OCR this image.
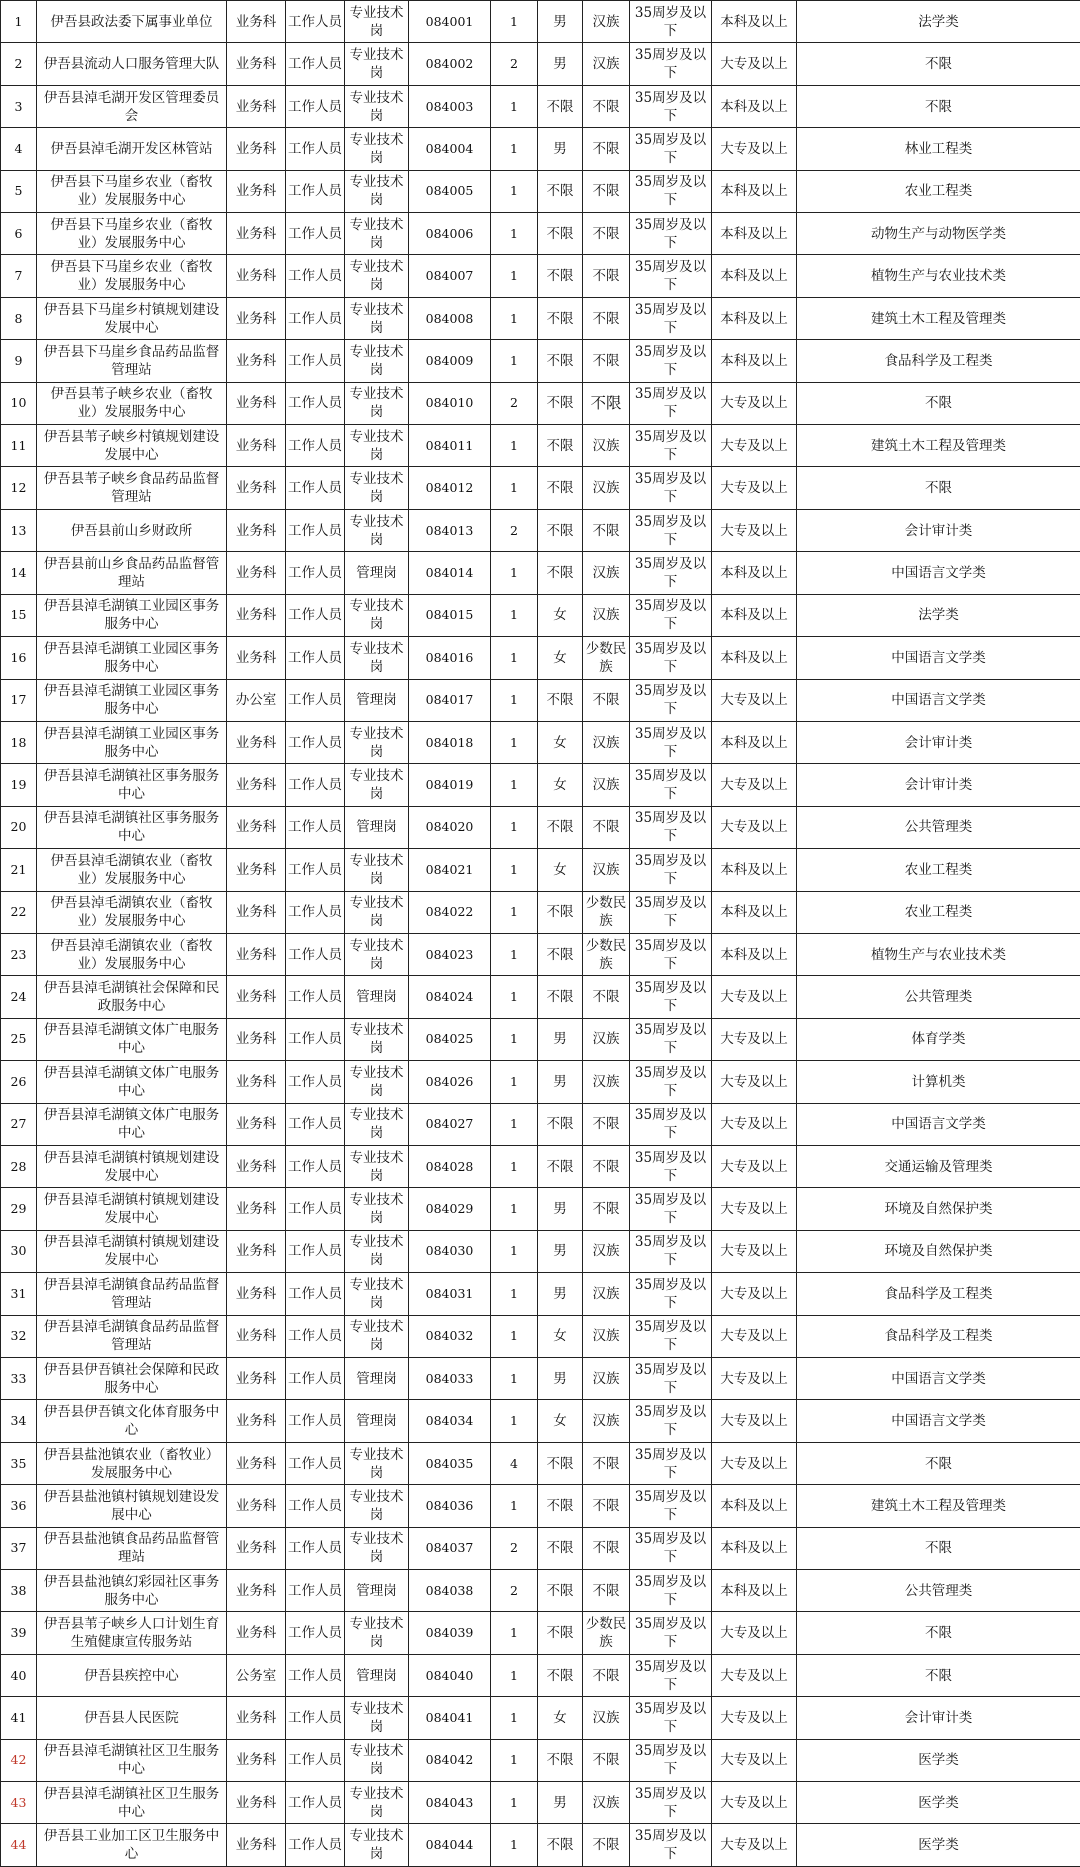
1	伊吾县政法委下属事业单位	业务科	工作人员	专业技术岗	084001	1	男	汉族	35周岁及以下	本科及以上	法学类
2	伊吾县流动人口服务管理大队	业务科	工作人员	专业技术岗	084002	2	男	汉族	35周岁及以下	大专及以上	不限
3	伊吾县淖毛湖开发区管理委员会	业务科	工作人员	专业技术岗	084003	1	不限	不限	35周岁及以下	本科及以上	不限
4	伊吾县淖毛湖开发区林管站	业务科	工作人员	专业技术岗	084004	1	男	不限	35周岁及以下	大专及以上	林业工程类
5	伊吾县下马崖乡农业（畜牧业）发展服务中心	业务科	工作人员	专业技术岗	084005	1	不限	不限	35周岁及以下	本科及以上	农业工程类
6	伊吾县下马崖乡农业（畜牧业）发展服务中心	业务科	工作人员	专业技术岗	084006	1	不限	不限	35周岁及以下	本科及以上	动物生产与动物医学类
7	伊吾县下马崖乡农业（畜牧业）发展服务中心	业务科	工作人员	专业技术岗	084007	1	不限	不限	35周岁及以下	本科及以上	植物生产与农业技术类
8	伊吾县下马崖乡村镇规划建设发展中心	业务科	工作人员	专业技术岗	084008	1	不限	不限	35周岁及以下	本科及以上	建筑土木工程及管理类
9	伊吾县下马崖乡食品药品监督管理站	业务科	工作人员	专业技术岗	084009	1	不限	不限	35周岁及以下	本科及以上	食品科学及工程类
10	伊吾县苇子峡乡农业（畜牧业）发展服务中心	业务科	工作人员	专业技术岗	084010	2	不限	不限	35周岁及以下	大专及以上	不限
11	伊吾县苇子峡乡村镇规划建设发展中心	业务科	工作人员	专业技术岗	084011	1	不限	汉族	35周岁及以下	大专及以上	建筑土木工程及管理类
12	伊吾县苇子峡乡食品药品监督管理站	业务科	工作人员	专业技术岗	084012	1	不限	汉族	35周岁及以下	大专及以上	不限
13	伊吾县前山乡财政所	业务科	工作人员	专业技术岗	084013	2	不限	不限	35周岁及以下	大专及以上	会计审计类
14	伊吾县前山乡食品药品监督管理站	业务科	工作人员	管理岗	084014	1	不限	汉族	35周岁及以下	本科及以上	中国语言文学类
15	伊吾县淖毛湖镇工业园区事务服务中心	业务科	工作人员	专业技术岗	084015	1	女	汉族	35周岁及以下	本科及以上	法学类
16	伊吾县淖毛湖镇工业园区事务服务中心	业务科	工作人员	专业技术岗	084016	1	女	少数民族	35周岁及以下	本科及以上	中国语言文学类
17	伊吾县淖毛湖镇工业园区事务服务中心	办公室	工作人员	管理岗	084017	1	不限	不限	35周岁及以下	大专及以上	中国语言文学类
18	伊吾县淖毛湖镇工业园区事务服务中心	业务科	工作人员	专业技术岗	084018	1	女	汉族	35周岁及以下	本科及以上	会计审计类
19	伊吾县淖毛湖镇社区事务服务中心	业务科	工作人员	专业技术岗	084019	1	女	汉族	35周岁及以下	大专及以上	会计审计类
20	伊吾县淖毛湖镇社区事务服务中心	业务科	工作人员	管理岗	084020	1	不限	不限	35周岁及以下	大专及以上	公共管理类
21	伊吾县淖毛湖镇农业（畜牧业）发展服务中心	业务科	工作人员	专业技术岗	084021	1	女	汉族	35周岁及以下	本科及以上	农业工程类
22	伊吾县淖毛湖镇农业（畜牧业）发展服务中心	业务科	工作人员	专业技术岗	084022	1	不限	少数民族	35周岁及以下	本科及以上	农业工程类
23	伊吾县淖毛湖镇农业（畜牧业）发展服务中心	业务科	工作人员	专业技术岗	084023	1	不限	少数民族	35周岁及以下	本科及以上	植物生产与农业技术类
24	伊吾县淖毛湖镇社会保障和民政服务中心	业务科	工作人员	管理岗	084024	1	不限	不限	35周岁及以下	大专及以上	公共管理类
25	伊吾县淖毛湖镇文体广电服务中心	业务科	工作人员	专业技术岗	084025	1	男	汉族	35周岁及以下	大专及以上	体育学类
26	伊吾县淖毛湖镇文体广电服务中心	业务科	工作人员	专业技术岗	084026	1	男	汉族	35周岁及以下	大专及以上	计算机类
27	伊吾县淖毛湖镇文体广电服务中心	业务科	工作人员	专业技术岗	084027	1	不限	不限	35周岁及以下	大专及以上	中国语言文学类
28	伊吾县淖毛湖镇村镇规划建设发展中心	业务科	工作人员	专业技术岗	084028	1	不限	不限	35周岁及以下	大专及以上	交通运输及管理类
29	伊吾县淖毛湖镇村镇规划建设发展中心	业务科	工作人员	专业技术岗	084029	1	男	不限	35周岁及以下	大专及以上	环境及自然保护类
30	伊吾县淖毛湖镇村镇规划建设发展中心	业务科	工作人员	专业技术岗	084030	1	男	汉族	35周岁及以下	大专及以上	环境及自然保护类
31	伊吾县淖毛湖镇食品药品监督管理站	业务科	工作人员	专业技术岗	084031	1	男	汉族	35周岁及以下	大专及以上	食品科学及工程类
32	伊吾县淖毛湖镇食品药品监督管理站	业务科	工作人员	专业技术岗	084032	1	女	汉族	35周岁及以下	大专及以上	食品科学及工程类
33	伊吾县伊吾镇社会保障和民政服务中心	业务科	工作人员	管理岗	084033	1	男	汉族	35周岁及以下	大专及以上	中国语言文学类
34	伊吾县伊吾镇文化体育服务中心	业务科	工作人员	管理岗	084034	1	女	汉族	35周岁及以下	大专及以上	中国语言文学类
35	伊吾县盐池镇农业（畜牧业）发展服务中心	业务科	工作人员	专业技术岗	084035	4	不限	不限	35周岁及以下	大专及以上	不限
36	伊吾县盐池镇村镇规划建设发展中心	业务科	工作人员	专业技术岗	084036	1	不限	不限	35周岁及以下	本科及以上	建筑土木工程及管理类
37	伊吾县盐池镇食品药品监督管理站	业务科	工作人员	专业技术岗	084037	2	不限	不限	35周岁及以下	本科及以上	不限
38	伊吾县盐池镇幻彩园社区事务服务中心	业务科	工作人员	管理岗	084038	2	不限	不限	35周岁及以下	本科及以上	公共管理类
39	伊吾县苇子峡乡人口计划生育生殖健康宣传服务站	业务科	工作人员	专业技术岗	084039	1	不限	少数民族	35周岁及以下	大专及以上	不限
40	伊吾县疾控中心	公务室	工作人员	管理岗	084040	1	不限	不限	35周岁及以下	大专及以上	不限
41	伊吾县人民医院	业务科	工作人员	专业技术岗	084041	1	女	汉族	35周岁及以下	大专及以上	会计审计类
42	伊吾县淖毛湖镇社区卫生服务中心	业务科	工作人员	专业技术岗	084042	1	不限	不限	35周岁及以下	大专及以上	医学类
43	伊吾县淖毛湖镇社区卫生服务中心	业务科	工作人员	专业技术岗	084043	1	男	汉族	35周岁及以下	大专及以上	医学类
44	伊吾县工业加工区卫生服务中心	业务科	工作人员	专业技术岗	084044	1	不限	不限	35周岁及以下	大专及以上	医学类
